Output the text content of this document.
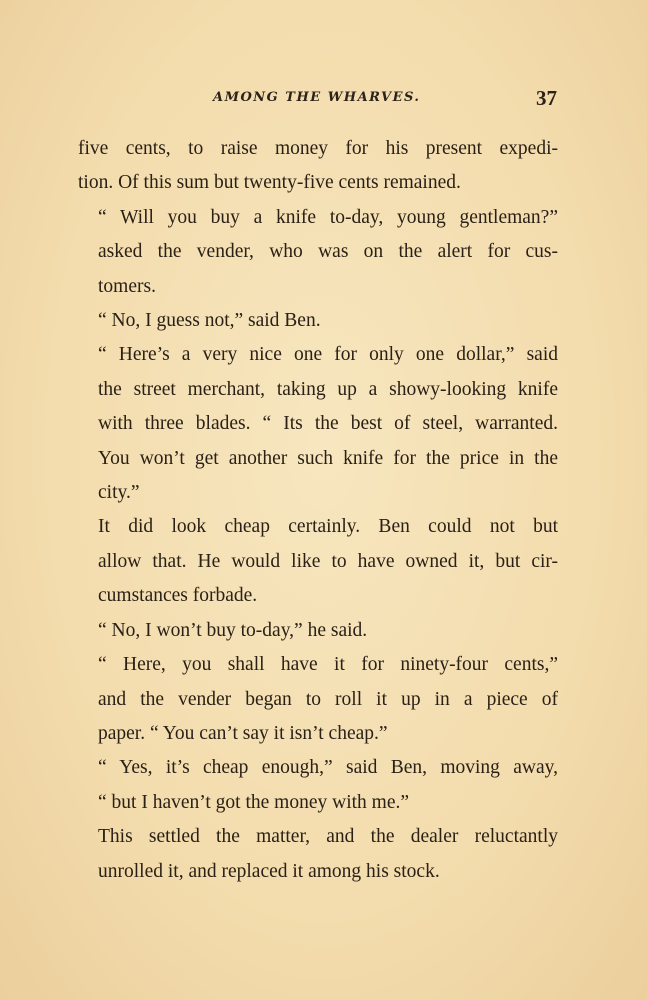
AMONG THE WHARVES.	37

five cents, to raise money for his present expedi-
tion. Of this sum but twenty-five cents remained.

“ Will you buy a knife to-day, young gentleman?”
asked the vender, who was on the alert for cus-
tomers.

“ No, I guess not,” said Ben.

“ Here’s a very nice one for only one dollar,” said
the street merchant, taking up a showy-looking knife
with three blades. “ Its the best of steel, warranted.
You won’t get another such knife for the price in the
city.”

It did look cheap certainly. Ben could not but
allow that. He would like to have owned it, but cir-
cumstances forbade.

“ No, I won’t buy to-day,” he said.

“ Here, you shall have it for ninety-four cents,”
and the vender began to roll it up in a piece of
paper. “ You can’t say it isn’t cheap.”

“ Yes, it’s cheap enough,” said Ben, moving away,
“ but I haven’t got the money with me.”

This settled the matter, and the dealer reluctantly
unrolled it, and replaced it among his stock.
